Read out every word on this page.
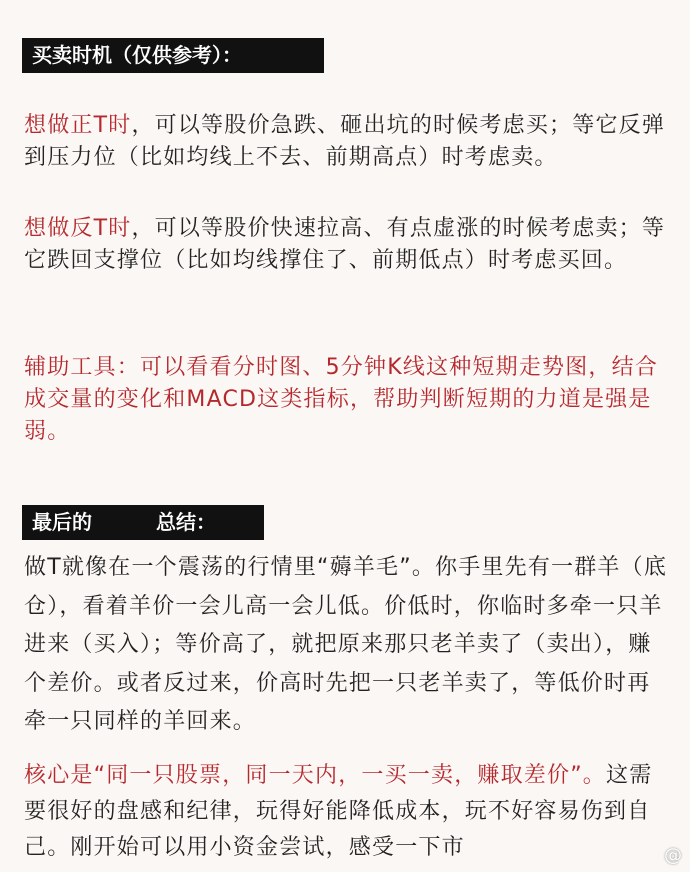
买卖时机（仅供参考）：
想做正T时，可以等股价急跌、砸出坑的时候考虑买；等它反弹到压力位（比如均线上不去、前期高点）时考虑卖。
想做反T时，可以等股价快速拉高、有点虚涨的时候考虑卖；等它跌回支撑位（比如均线撑住了、前期低点）时考虑买回。
辅助工具：可以看看分时图、5分钟K线这种短期走势图，结合成交量的变化和MACD这类指标，帮助判断短期的力道是强是弱。
最后的	总结：
做T就像在一个震荡的行情里“薅羊毛”。你手里先有一群羊（底仓），看着羊价一会儿高一会儿低。价低时，你临时多牵一只羊进来（买入）；等价高了，就把原来那只老羊卖了（卖出），赚个差价。或者反过来，价高时先把一只老羊卖了，等低价时再牵一只同样的羊回来。
核心是“同一只股票，同一天内，一买一卖，赚取差价”。这需要很好的盘感和纪律，玩得好能降低成本，玩不好容易伤到自己。刚开始可以用小资金尝试，感受一下市	@
